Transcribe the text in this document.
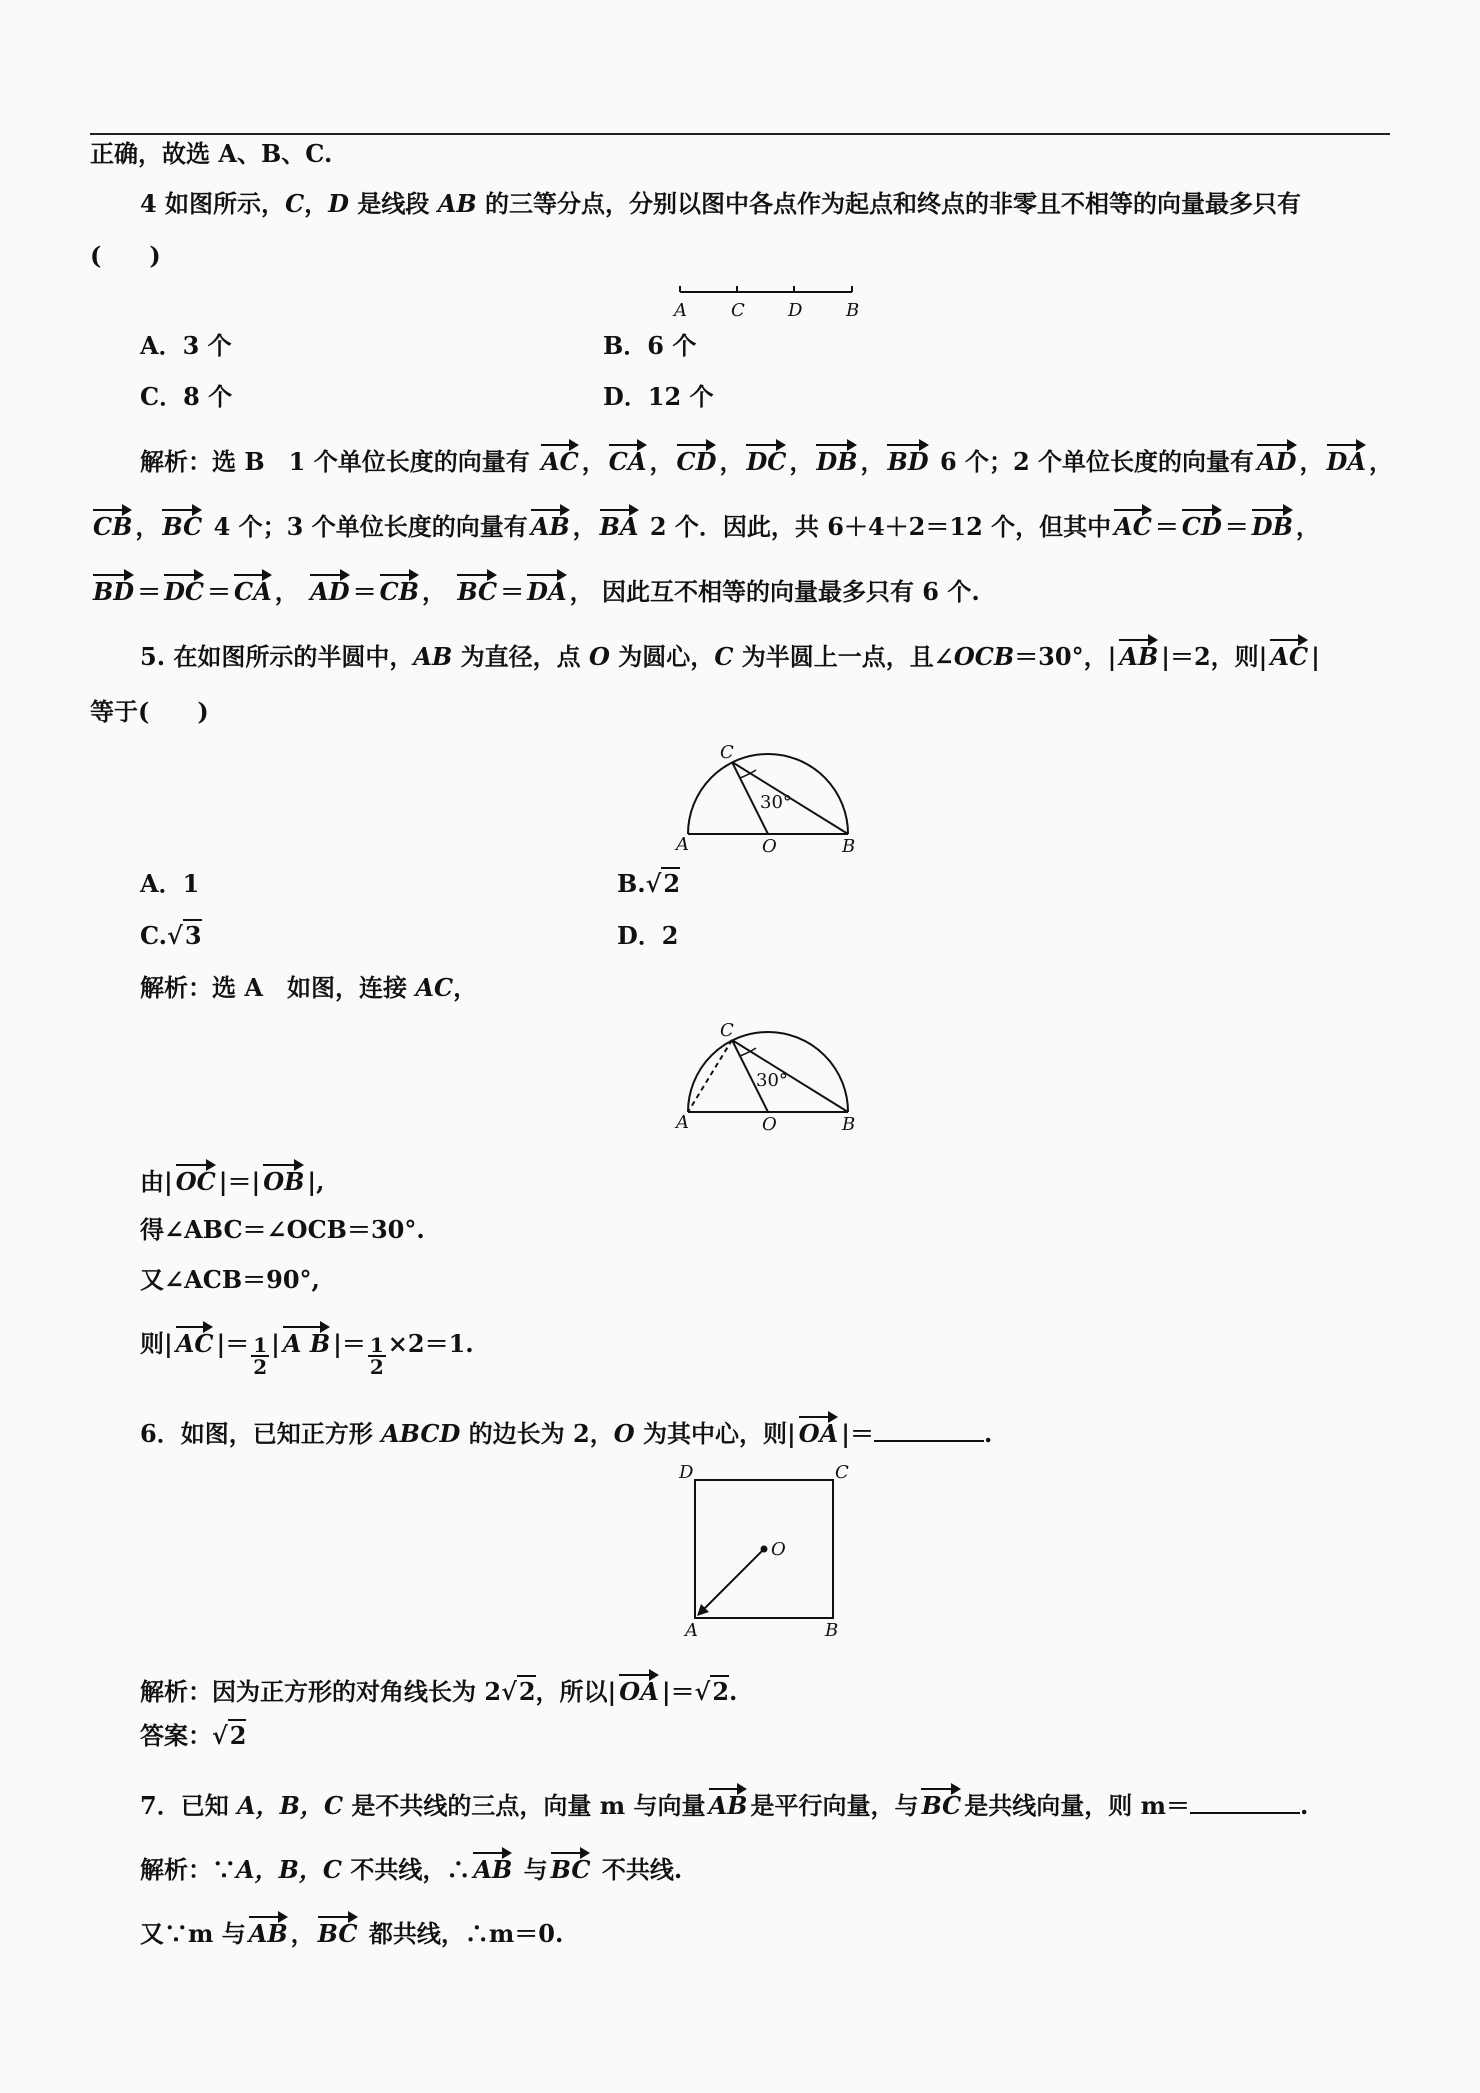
正确，故选 A、B、C.
4 如图所示，C，D 是线段 AB 的三等分点，分别以图中各点作为起点和终点的非零且不相等的向量最多只有
(　　)
A C D B
A．3 个	B．6 个
C．8 个	D．12 个
解析：选 B　1 个单位长度的向量有 AC ， CA ， CD ， DC ， DB ， BD 6 个；2 个单位长度的向量有 AD ， DA ，
CB ， BC 4 个；3 个单位长度的向量有 AB ， BA 2 个．因此，共 6＋4＋2＝12 个，但其中 AC ＝ CD ＝ DB ，
BD ＝ DC ＝ CA ， AD ＝ CB ， BC ＝ DA ， 因此互不相等的向量最多只有 6 个.
5. 在如图所示的半圆中，AB 为直径，点 O 为圆心，C 为半圆上一点，且∠OCB＝30°，| AB |＝2，则| AC |
等于(　　)
C
A	O	B
30°
A．1	B.√2
C.√3	D．2
解析：选 A　如图，连接 AC，
C
A	O	B
30°
由| OC |＝| OB |,
得∠ABC＝∠OCB＝30°.
又∠ACB＝90°,
则| AC |＝ $\frac{1}{2}$ | A B |＝ $\frac{1}{2} \times 2=1$.
6．如图，已知正方形 ABCD 的边长为 2，O 为其中心，则| OA |＝	.
D	C
O
A	B
解析：因为正方形的对角线长为 2√2，所以| OA |＝√2.
答案：√2
7．已知 A，B，C 是不共线的三点，向量 m 与向量 AB 是平行向量，与 BC 是共线向量，则 m＝	.
解析：∵A，B，C 不共线，∴ AB 与 BC 不共线.
又∵m 与 AB ， BC 都共线，∴m＝0.
